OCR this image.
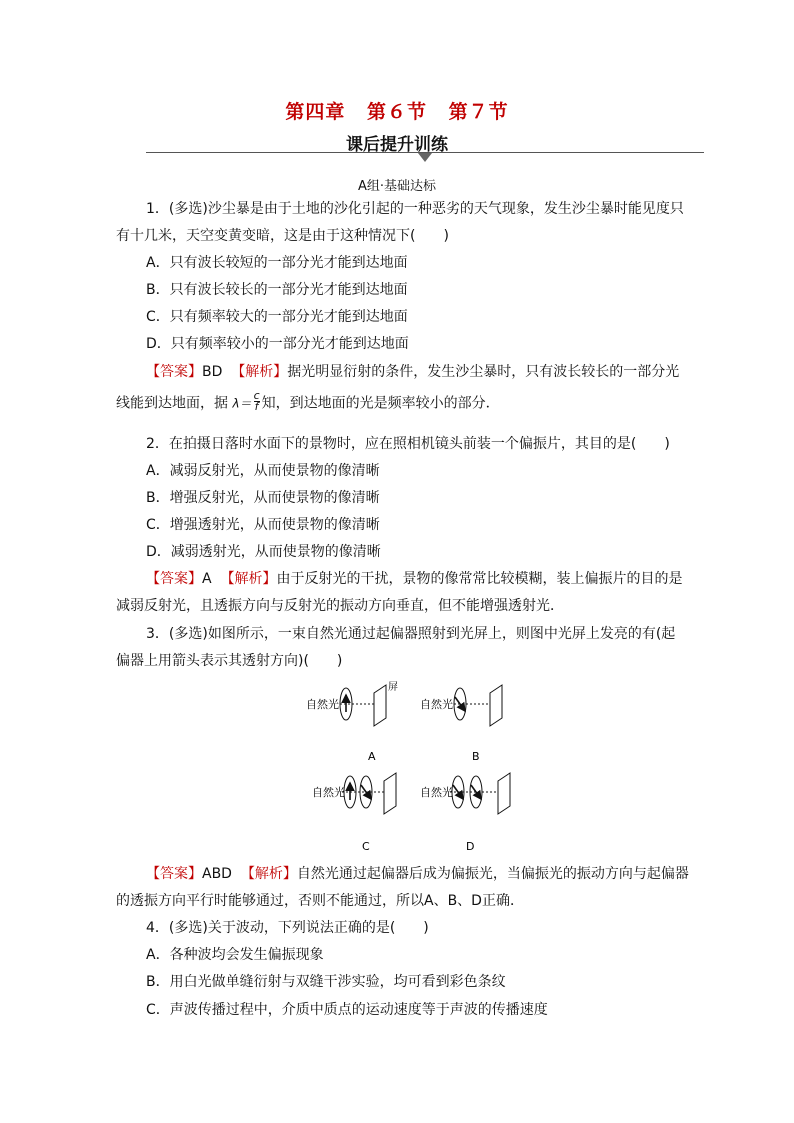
第四章 第６节 第７节
课后提升训练
A组·基础达标
1．(多选)沙尘暴是由于土地的沙化引起的一种恶劣的天气现象，发生沙尘暴时能见度只
有十几米，天空变黄变暗，这是由于这种情况下(　　)
A．只有波长较短的一部分光才能到达地面
B．只有波长较长的一部分光才能到达地面
C．只有频率较大的一部分光才能到达地面
D．只有频率较小的一部分光才能到达地面
【答案】BD 【解析】据光明显衍射的条件，发生沙尘暴时，只有波长较长的一部分光
线能到达地面，据 $\lambda= \frac{c}{f}$ 知，到达地面的光是频率较小的部分．
2．在拍摄日落时水面下的景物时，应在照相机镜头前装一个偏振片，其目的是(　　)
A．减弱反射光，从而使景物的像清晰
B．增强反射光，从而使景物的像清晰
C．增强透射光，从而使景物的像清晰
D．减弱透射光，从而使景物的像清晰
【答案】A 【解析】由于反射光的干扰，景物的像常常比较模糊，装上偏振片的目的是
减弱反射光，且透振方向与反射光的振动方向垂直，但不能增强透射光．
3．(多选)如图所示，一束自然光通过起偏器照射到光屏上，则图中光屏上发亮的有(起
偏器上用箭头表示其透射方向)(　　)
自然光
屏
A
自然光
B
自然光
C
自然光
D
【答案】ABD 【解析】自然光通过起偏器后成为偏振光，当偏振光的振动方向与起偏器
的透振方向平行时能够通过，否则不能通过，所以A、B、D正确．
4．(多选)关于波动，下列说法正确的是(　　)
A．各种波均会发生偏振现象
B．用白光做单缝衍射与双缝干涉实验，均可看到彩色条纹
C．声波传播过程中，介质中质点的运动速度等于声波的传播速度
